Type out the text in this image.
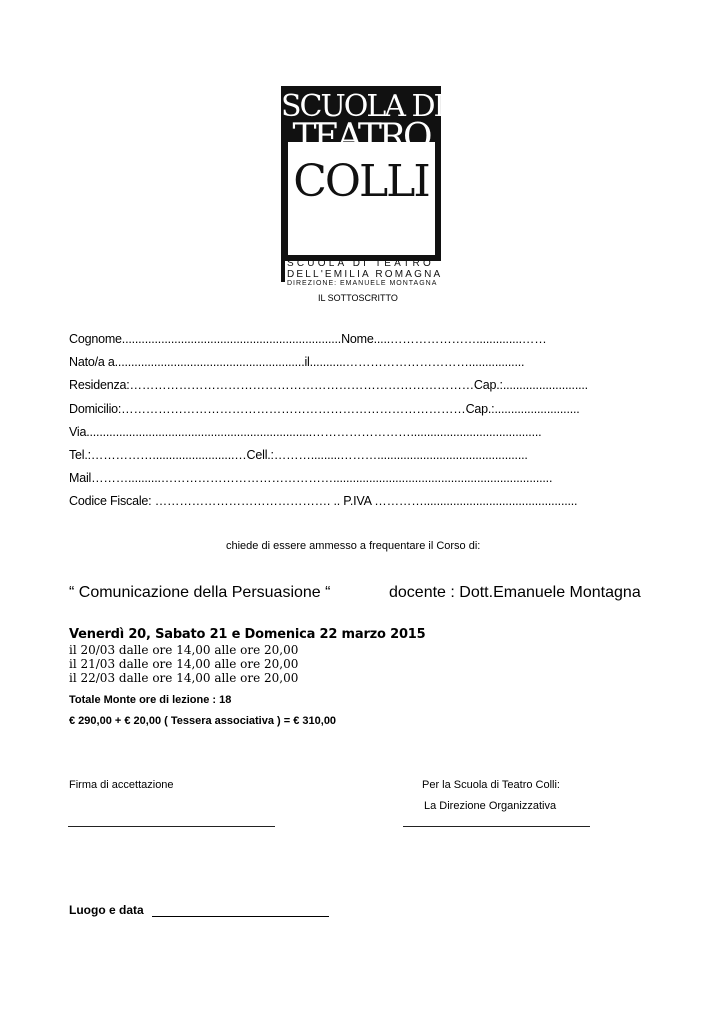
SCUOLA DI
TEATRO
COLLI
SCUOLA DI TEATRO
DELL'EMILIA ROMAGNA
DIREZIONE: EMANUELE MONTAGNA
IL SOTTOSCRITTO
Cognome...................................................................Nome.....…………………..............……
Nato/a a..........................................................il...........………………………….................
Residenza:…………………………………………………………………………Cap.:..........................
Domicilio:…………………………………………………………………………Cap.:..........................
Via.....................................................................……………………........................................
Tel.:…………….........................…Cell.:……….........………..............................................
Mail………..........……………………………………...................................................................
Codice Fiscale: ……………………………………. .. P.IVA …………...............................................
chiede di essere ammesso a frequentare il Corso di:
“ Comunicazione della Persuasione “	docente : Dott.Emanuele Montagna
Venerdì 20, Sabato 21 e Domenica 22 marzo 2015
il 20/03 dalle ore 14,00 alle ore 20,00
il 21/03 dalle ore 14,00 alle ore 20,00
il 22/03 dalle ore 14,00 alle ore 20,00
Totale Monte ore di lezione : 18
€ 290,00 + € 20,00 ( Tessera associativa ) = € 310,00
Firma di accettazione	Per la Scuola di Teatro Colli:
La Direzione Organizzativa
Luogo e data
